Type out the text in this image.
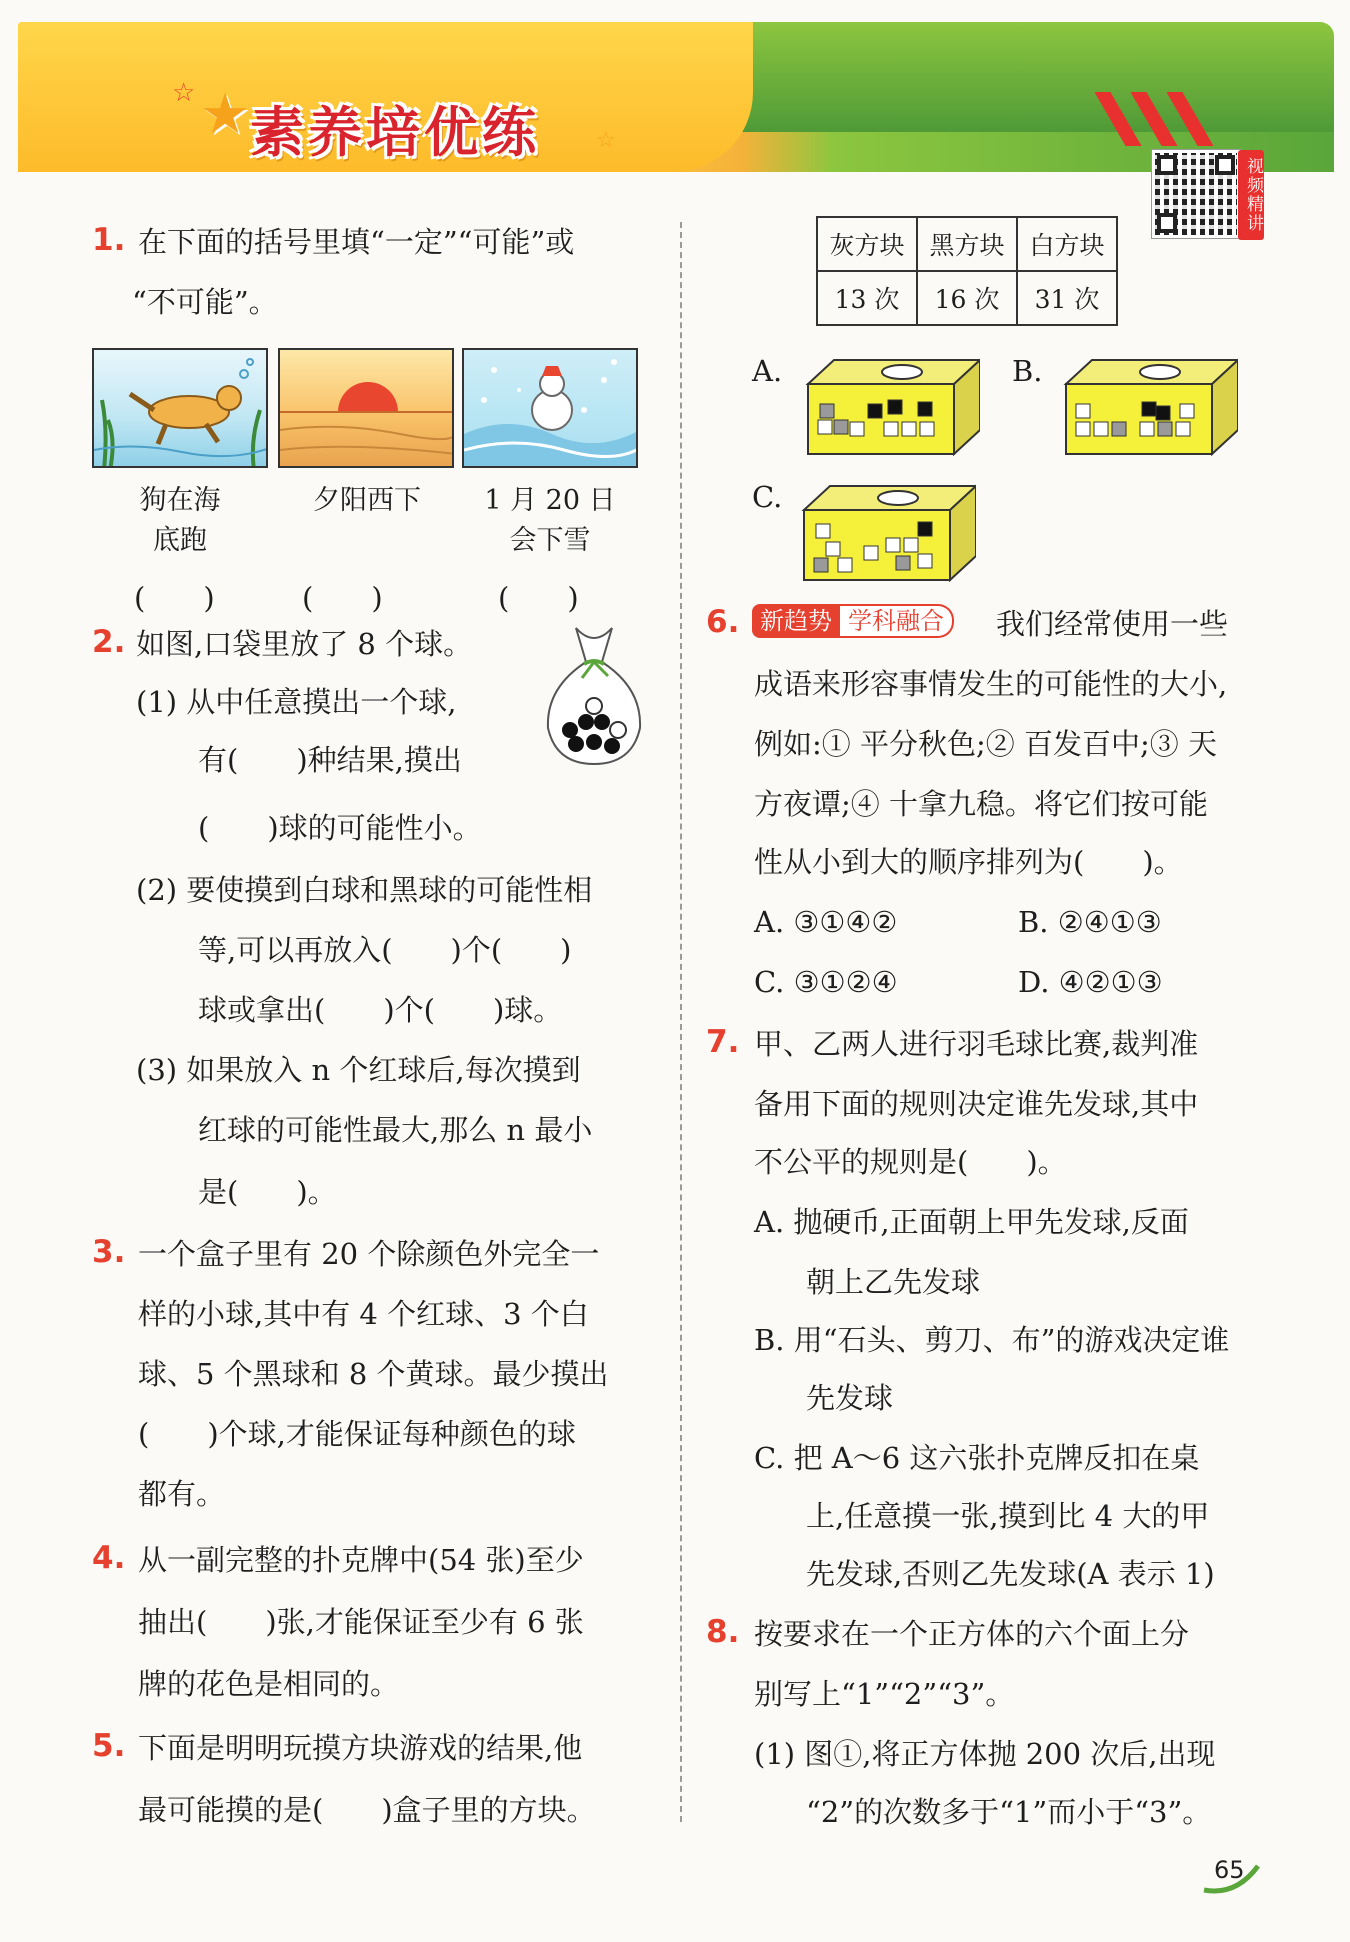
☆ ★ 素养培优练	☆
视频精讲
1. 在下面的括号里填“一定”“可能”或
“不可能”。
狗在海
底跑
夕阳西下	1 月 20 日
会下雪
(　　)	(　　)	(　　)
2. 如图,口袋里放了 8 个球。
(1) 从中任意摸出一个球,
有(　　)种结果,摸出
(　　)球的可能性小。
(2) 要使摸到白球和黑球的可能性相
等,可以再放入(　　)个(　　)
球或拿出(　　)个(　　)球。
(3) 如果放入 n 个红球后,每次摸到
红球的可能性最大,那么 n 最小
是(　　)。
3. 一个盒子里有 20 个除颜色外完全一
样的小球,其中有 4 个红球、3 个白
球、5 个黑球和 8 个黄球。最少摸出
(　　)个球,才能保证每种颜色的球
都有。
4. 从一副完整的扑克牌中(54 张)至少
抽出(　　)张,才能保证至少有 6 张
牌的花色是相同的。
5. 下面是明明玩摸方块游戏的结果,他
最可能摸的是(　　)盒子里的方块。
灰方块	黑方块	白方块
13 次	16 次	31 次
A.	B.
C.
6. 新趋势 学科融合	我们经常使用一些
成语来形容事情发生的可能性的大小,
例如:① 平分秋色;② 百发百中;③ 天
方夜谭;④ 十拿九稳。将它们按可能
性从小到大的顺序排列为(　　)。
A. ③①④②	B. ②④①③
C. ③①②④	D. ④②①③
7. 甲、乙两人进行羽毛球比赛,裁判准
备用下面的规则决定谁先发球,其中
不公平的规则是(　　)。
A. 抛硬币,正面朝上甲先发球,反面
朝上乙先发球
B. 用“石头、剪刀、布”的游戏决定谁
先发球
C. 把 A～6 这六张扑克牌反扣在桌
上,任意摸一张,摸到比 4 大的甲
先发球,否则乙先发球(A 表示 1)
8. 按要求在一个正方体的六个面上分
别写上“1”“2”“3”。
(1) 图①,将正方体抛 200 次后,出现
“2”的次数多于“1”而小于“3”。
65
